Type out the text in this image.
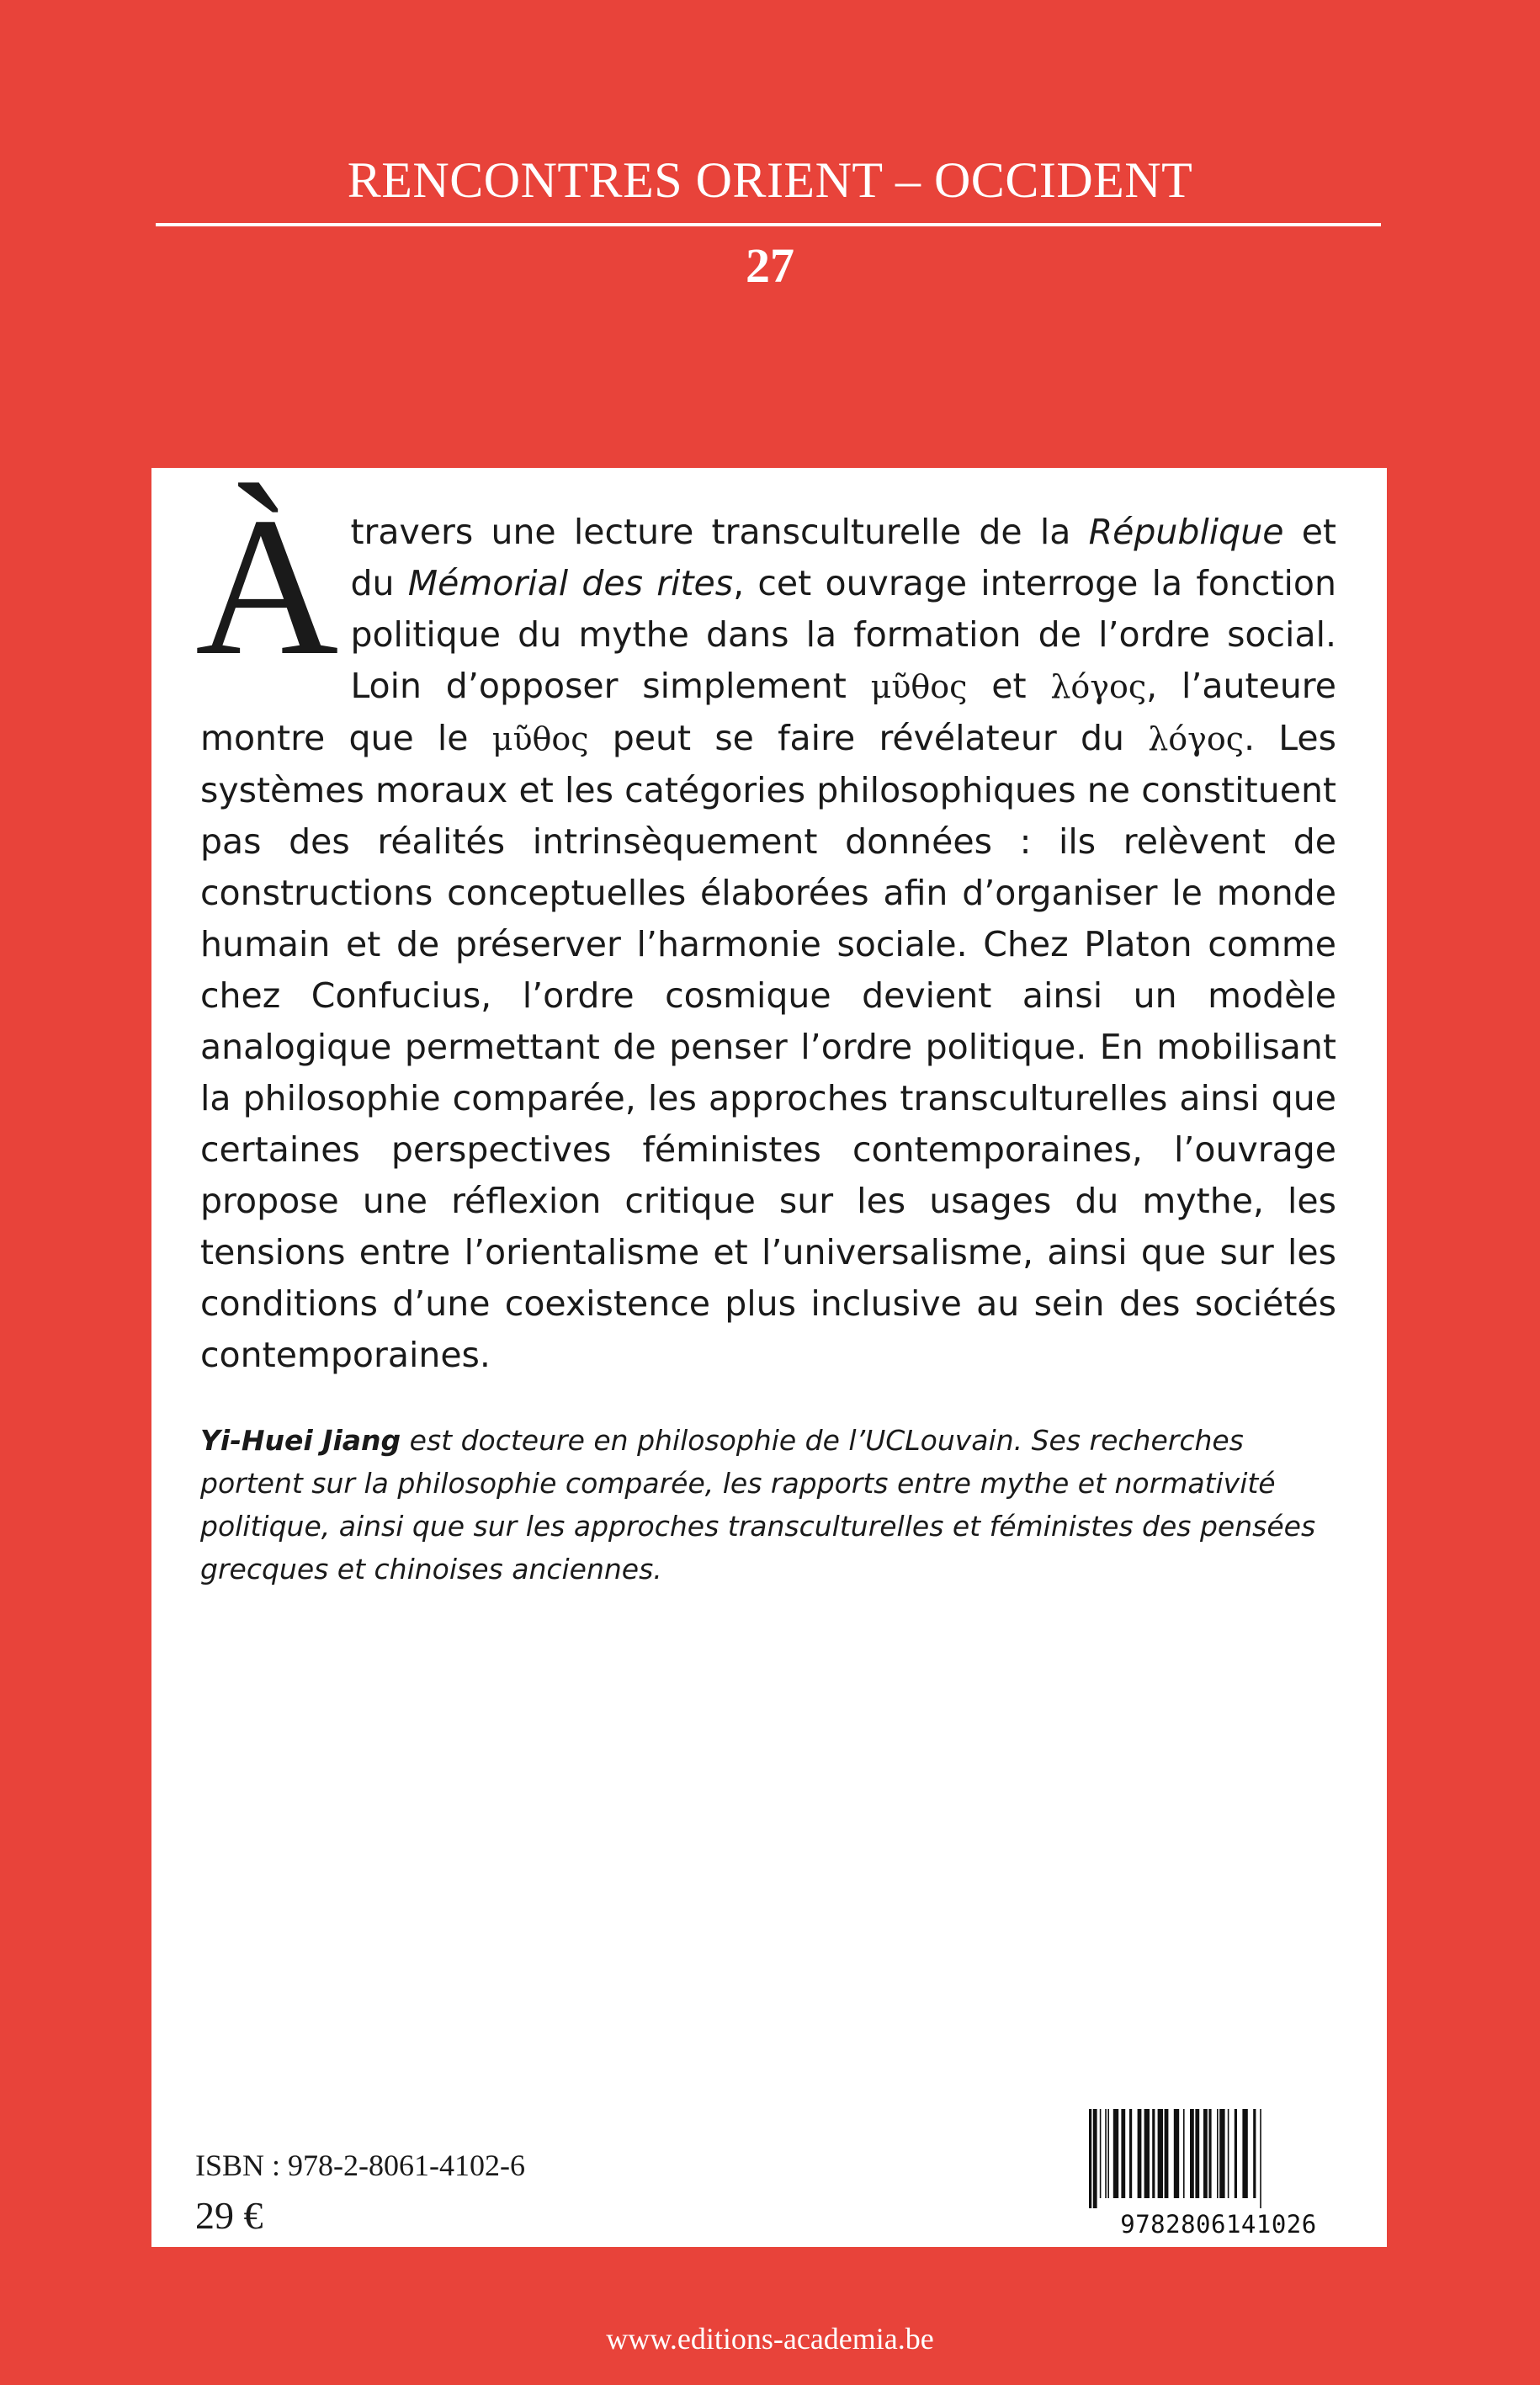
RENCONTRES ORIENT – OCCIDENT
27
À travers une lecture transculturelle de la République et du Mémorial des rites, cet ouvrage interroge la fonction politique du mythe dans la formation de l’ordre social. Loin d’opposer simplement μῦθος et λόγος, l’auteure montre que le μῦθος peut se faire révélateur du λόγος. Les systèmes moraux et les catégories philosophiques ne constituent pas des réalités intrinsèquement données : ils relèvent de constructions conceptuelles élaborées afin d’organiser le monde humain et de préserver l’harmonie sociale. Chez Platon comme chez Confucius, l’ordre cosmique devient ainsi un modèle analogique permettant de penser l’ordre politique. En mobilisant la philosophie comparée, les approches transculturelles ainsi que certaines perspectives féministes contemporaines, l’ouvrage propose une réflexion critique sur les usages du mythe, les tensions entre l’orientalisme et l’universalisme, ainsi que sur les conditions d’une coexistence plus inclusive au sein des sociétés contemporaines.
Yi-Huei Jiang est docteure en philosophie de l’UCLouvain. Ses recherches portent sur la philosophie comparée, les rapports entre mythe et normativité politique, ainsi que sur les approches transculturelles et féministes des pensées grecques et chinoises anciennes.
ISBN : 978-2-8061-4102-6
29 €	9782806141026
www.editions-academia.be
